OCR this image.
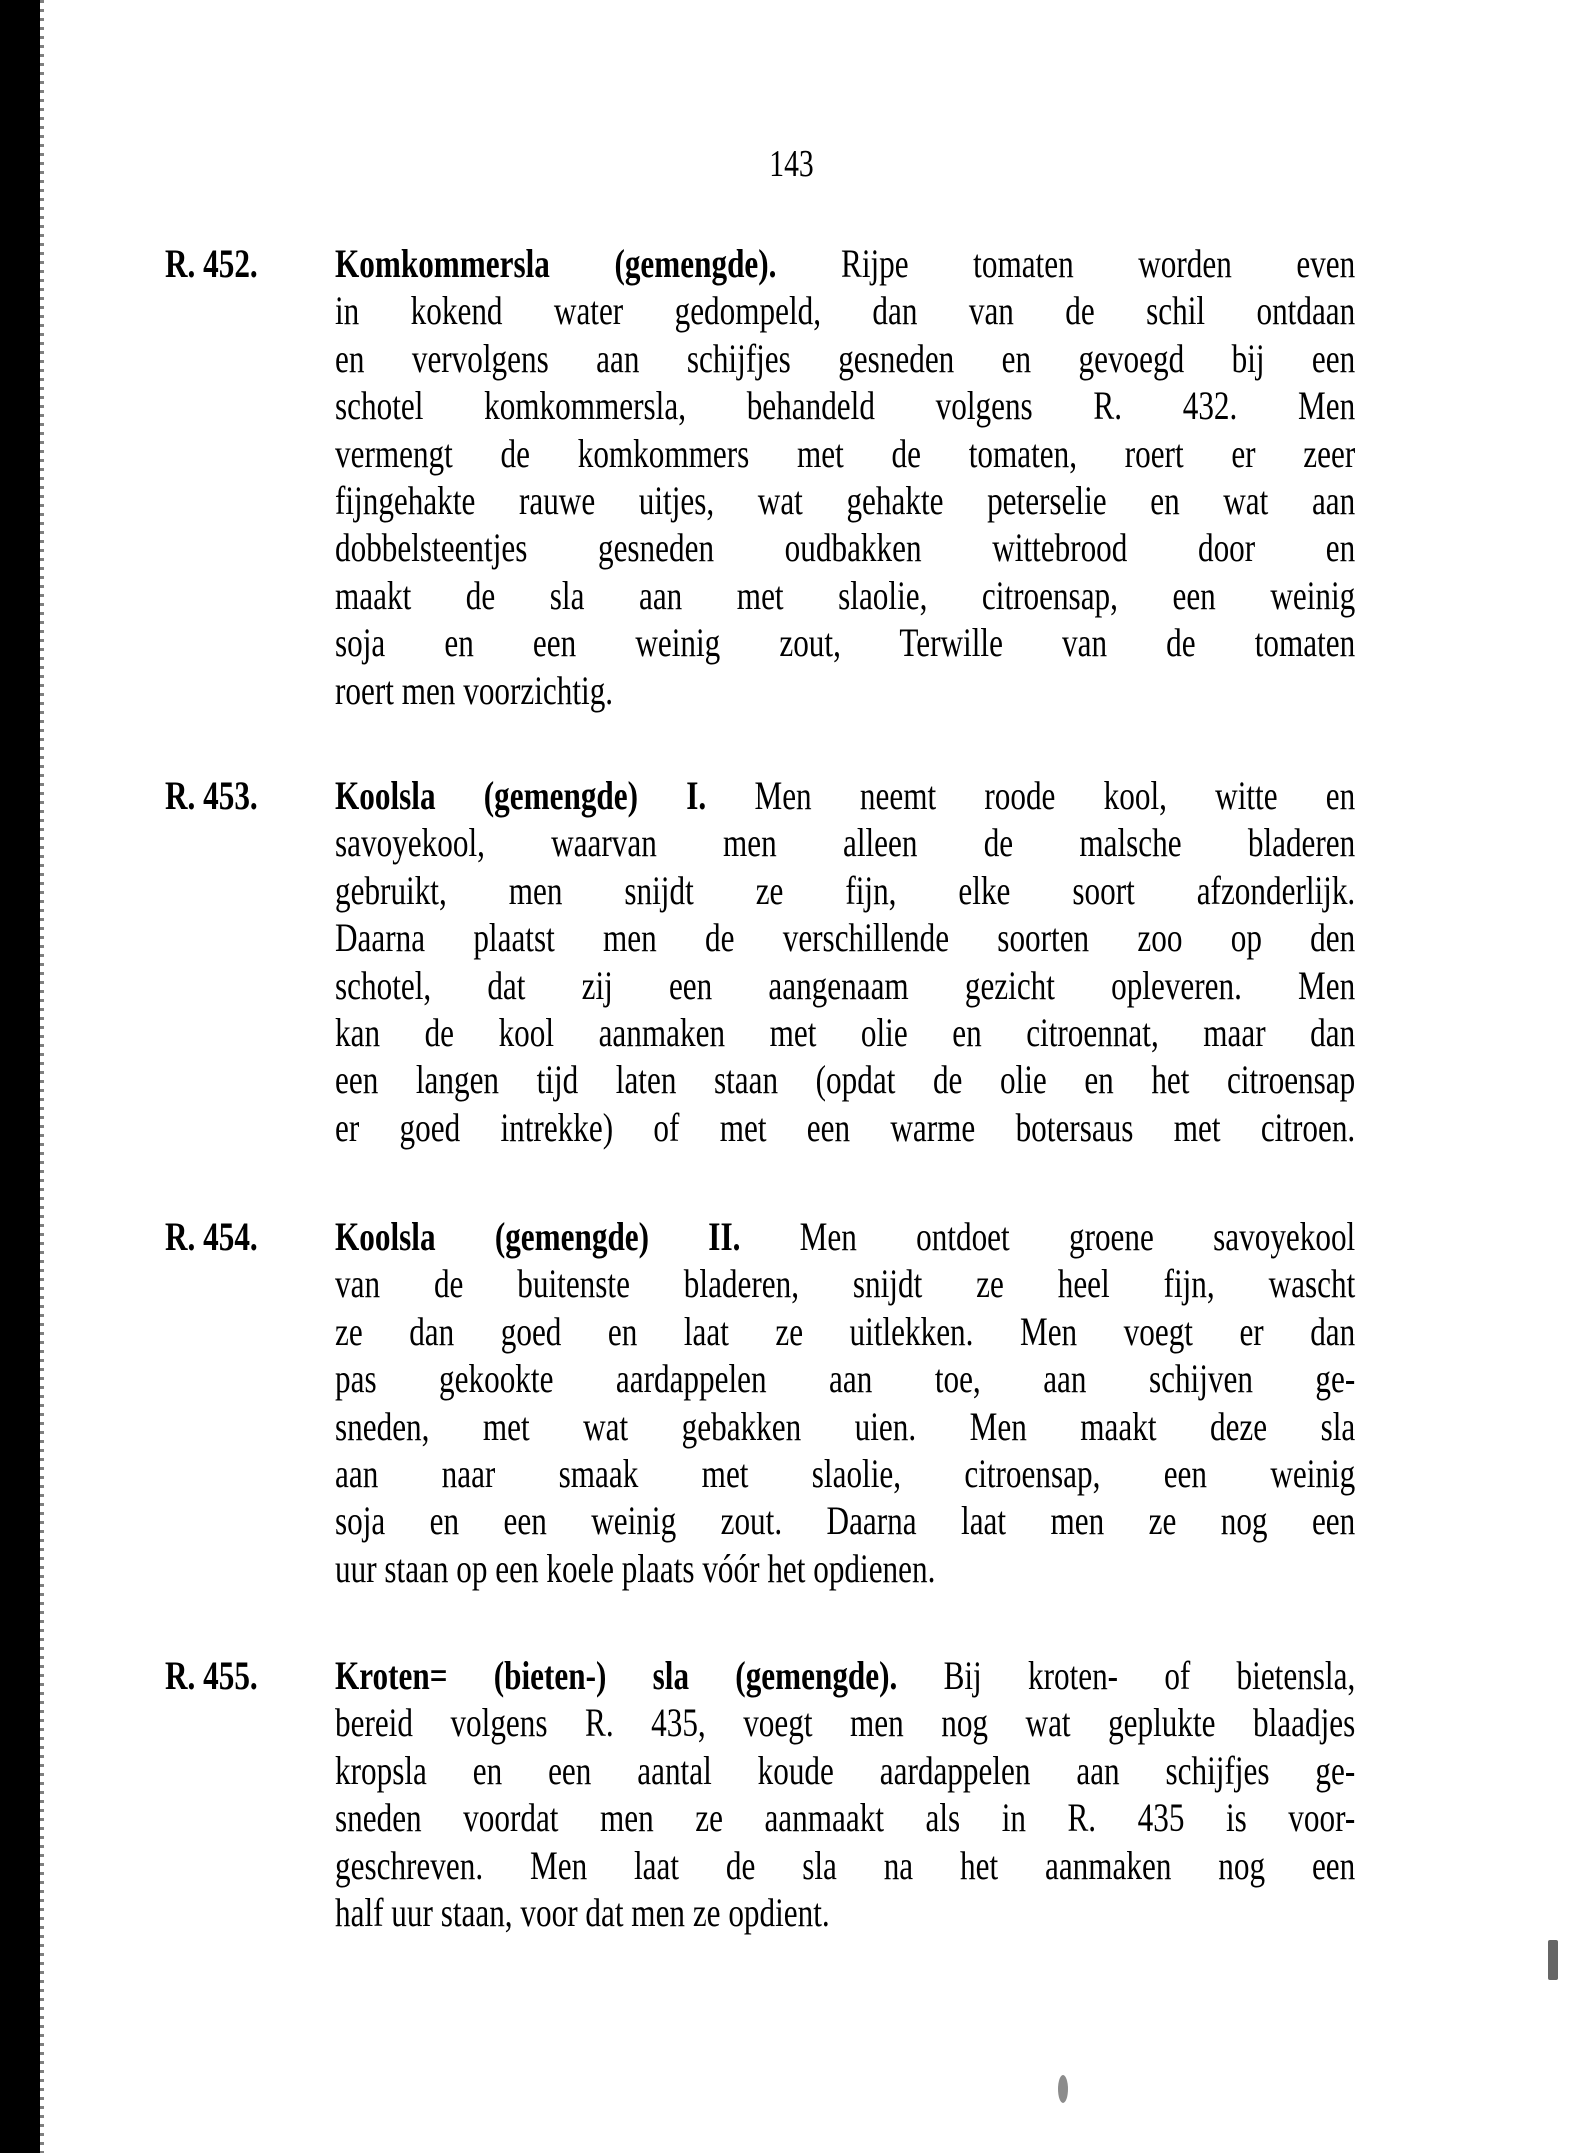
143
R. 452. Komkommersla (gemengde). Rijpe tomaten worden even
in kokend water gedompeld, dan van de schil ontdaan
en vervolgens aan schijfjes gesneden en gevoegd bij een
schotel komkommersla, behandeld volgens R. 432. Men
vermengt de komkommers met de tomaten, roert er zeer
fijngehakte rauwe uitjes, wat gehakte peterselie en wat aan
dobbelsteentjes gesneden oudbakken wittebrood door en
maakt de sla aan met slaolie, citroensap, een weinig
soja en een weinig zout, Terwille van de tomaten
roert men voorzichtig.
R. 453. Koolsla (gemengde) I. Men neemt roode kool, witte en
savoyekool, waarvan men alleen de malsche bladeren
gebruikt, men snijdt ze fijn, elke soort afzonderlijk.
Daarna plaatst men de verschillende soorten zoo op den
schotel, dat zij een aangenaam gezicht opleveren. Men
kan de kool aanmaken met olie en citroennat, maar dan
een langen tijd laten staan (opdat de olie en het citroensap
er goed intrekke) of met een warme botersaus met citroen.
R. 454. Koolsla (gemengde) II. Men ontdoet groene savoyekool
van de buitenste bladeren, snijdt ze heel fijn, wascht
ze dan goed en laat ze uitlekken. Men voegt er dan
pas gekookte aardappelen aan toe, aan schijven ge-
sneden, met wat gebakken uien. Men maakt deze sla
aan naar smaak met slaolie, citroensap, een weinig
soja en een weinig zout. Daarna laat men ze nog een
uur staan op een koele plaats vóór het opdienen.
R. 455. Kroten= (bieten-) sla (gemengde). Bij kroten- of bietensla,
bereid volgens R. 435, voegt men nog wat geplukte blaadjes
kropsla en een aantal koude aardappelen aan schijfjes ge-
sneden voordat men ze aanmaakt als in R. 435 is voor-
geschreven. Men laat de sla na het aanmaken nog een
half uur staan, voor dat men ze opdient.
